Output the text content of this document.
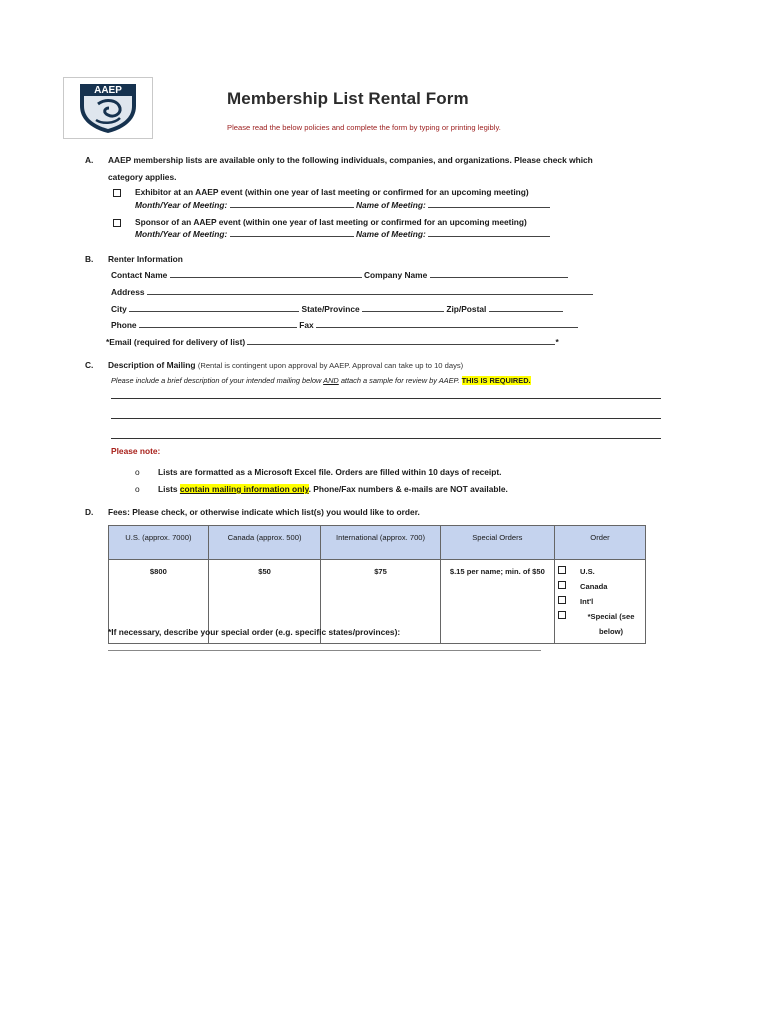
AAEP	Membership List Rental Form
Please read the below policies and complete the form by typing or printing legibly.
A. AAEP membership lists are available only to the following individuals, companies, and organizations. Please check which
category applies.
Exhibitor at an AAEP event (within one year of last meeting or confirmed for an upcoming meeting)
Month/Year of Meeting:	Name of Meeting:
Sponsor of an AAEP event (within one year of last meeting or confirmed for an upcoming meeting)
Month/Year of Meeting:	Name of Meeting:
B. Renter Information
Contact Name	Company Name
Address
City	State/Province	Zip/Postal
Phone	Fax
*Email (required for delivery of list)	*
C. Description of Mailing (Rental is contingent upon approval by AAEP. Approval can take up to 10 days)
Please include a brief description of your intended mailing below AND attach a sample for review by AAEP. THIS IS REQUIRED.
Please note:
o Lists are formatted as a Microsoft Excel file. Orders are filled within 10 days of receipt.
o Lists contain mailing information only. Phone/Fax numbers & e-mails are NOT available.
D. Fees: Please check, or otherwise indicate which list(s) you would like to order.
U.S. (approx. 7000)	Canada (approx. 500)	International (approx. 700)	Special Orders	Order
$800	$50	$75	$.15 per name; min. of $50	U.S.
Canada
Int'l
*Special (see below)
*If necessary, describe your special order (e.g. specific states/provinces):
